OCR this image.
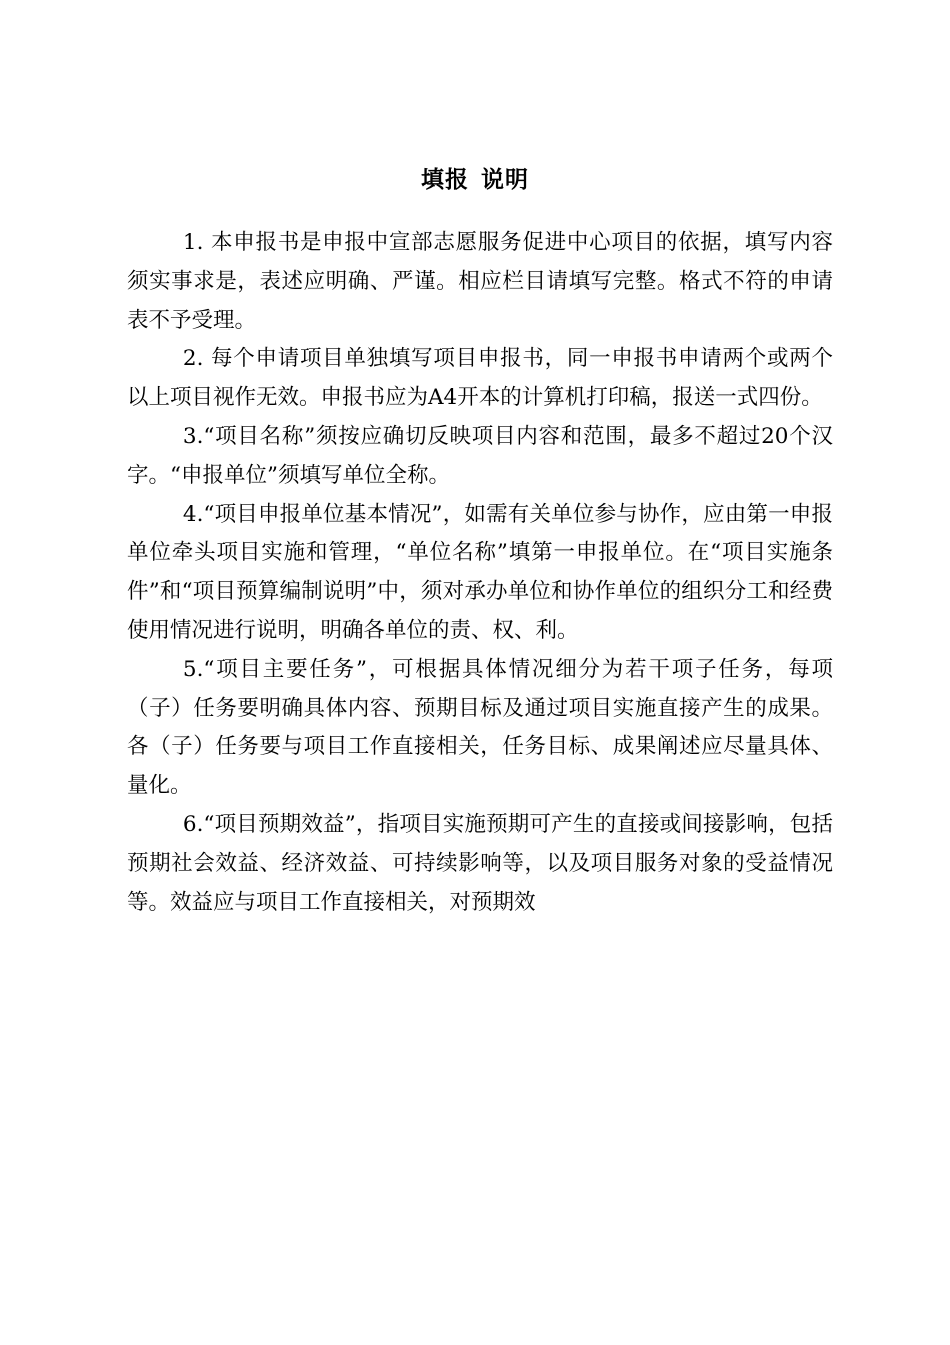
填报 说明

1. 本申报书是申报中宣部志愿服务促进中心项目的依据，填写内容须实事求是，表述应明确、严谨。相应栏目请填写完整。格式不符的申请表不予受理。

2. 每个申请项目单独填写项目申报书，同一申报书申请两个或两个以上项目视作无效。申报书应为A4开本的计算机打印稿，报送一式四份。

3.“项目名称”须按应确切反映项目内容和范围，最多不超过20个汉字。“申报单位”须填写单位全称。

4.“项目申报单位基本情况”，如需有关单位参与协作，应由第一申报单位牵头项目实施和管理，“单位名称”填第一申报单位。在“项目实施条件”和“项目预算编制说明”中，须对承办单位和协作单位的组织分工和经费使用情况进行说明，明确各单位的责、权、利。

5.“项目主要任务”，可根据具体情况细分为若干项子任务，每项（子）任务要明确具体内容、预期目标及通过项目实施直接产生的成果。各（子）任务要与项目工作直接相关，任务目标、成果阐述应尽量具体、量化。

6.“项目预期效益”，指项目实施预期可产生的直接或间接影响，包括预期社会效益、经济效益、可持续影响等，以及项目服务对象的受益情况等。效益应与项目工作直接相关，对预期效
